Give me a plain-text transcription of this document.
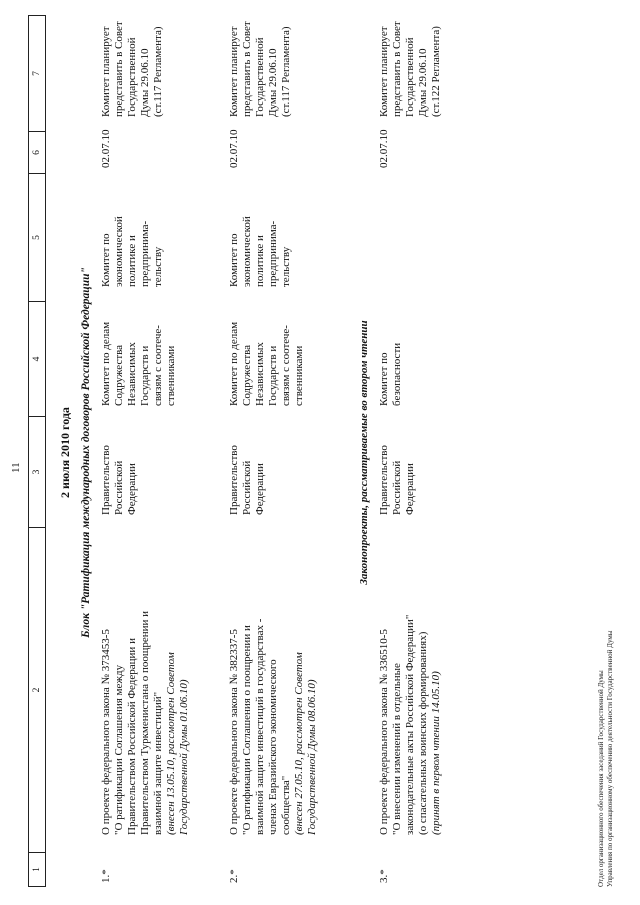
11
1
2
3
4
5
6
7
2 июля 2010 года Блок "Ратификация международных договоров Российской Федерации"
1.*
О проекте федерального закона № 373453-5 "О ратификации Соглашения между Правительством Российской Федерации и Правительством Туркменистана о поощрении и взаимной защите инвестиций" (внесен 13.05.10, рассмотрен Советом Государственной Думы 01.06.10)
Правительство Российской Федерации
Комитет по делам Содружества Независимых Государств и связям с соотече- ственниками
Комитет по экономической политике и предпринима- тельству
02.07.10
Комитет планирует представить в Совет Государственной Думы 29.06.10 (ст.117 Регламента)
2.*
О проекте федерального закона № 382337-5 "О ратификации Соглашения о поощрении и взаимной защите инвестиций в государствах - членах Евразийского экономического сообщества" (внесен 27.05.10, рассмотрен Советом Государственной Думы 08.06.10)
Правительство Российской Федерации
Комитет по делам Содружества Независимых Государств и связям с соотече- ственниками
Комитет по экономической политике и предпринима- тельству
02.07.10
Комитет планирует представить в Совет Государственной Думы 29.06.10 (ст.117 Регламента)
Законопроекты, рассматриваемые во втором чтении
3.*
О проекте федерального закона № 336510-5 "О внесении изменений в отдельные законодательные акты Российской Федерации" (о спасательных воинских формированиях) (принят в первом чтении 14.05.10)
Правительство Российской Федерации
Комитет по безопасности
02.07.10
Комитет планирует представить в Совет Государственной Думы 29.06.10 (ст.122 Регламента)
Отдел организационного обеспечения заседаний Государственной Думы Управления по организационному обеспечению деятельности Государственной Думы
